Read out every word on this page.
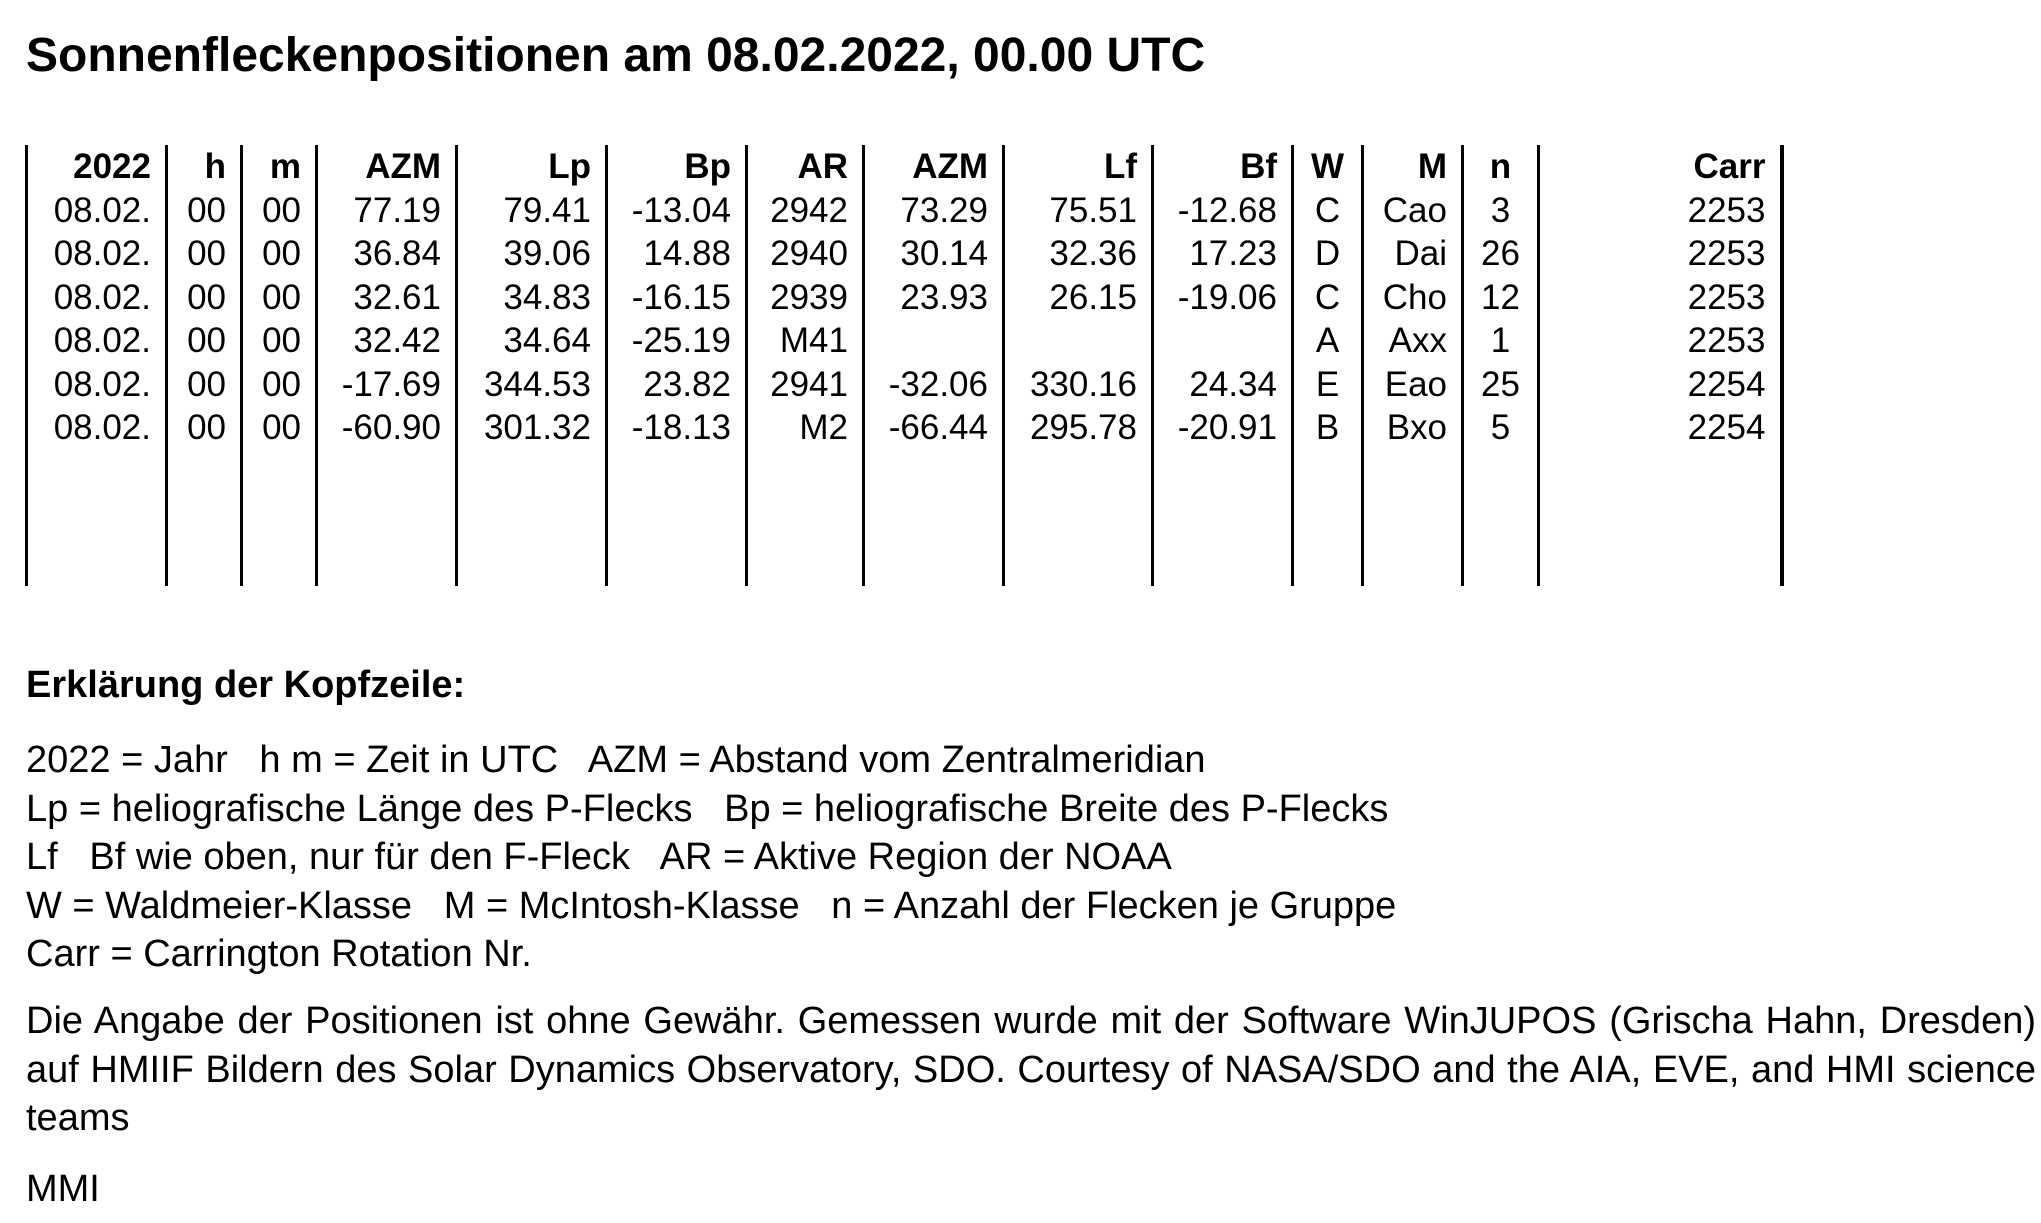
Sonnenfleckenpositionen am 08.02.2022, 00.00 UTC
2022	h	m	AZM	Lp	Bp	AR	AZM	Lf	Bf	W	M	n	Carr
08.02.	00	00	77.19	79.41	-13.04	2942	73.29	75.51	-12.68	C	Cao	3	2253
08.02.	00	00	36.84	39.06	14.88	2940	30.14	32.36	17.23	D	Dai	26	2253
08.02.	00	00	32.61	34.83	-16.15	2939	23.93	26.15	-19.06	C	Cho	12	2253
08.02.	00	00	32.42	34.64	-25.19	M41				A	Axx	1	2253
08.02.	00	00	-17.69	344.53	23.82	2941	-32.06	330.16	24.34	E	Eao	25	2254
08.02.	00	00	-60.90	301.32	-18.13	M2	-66.44	295.78	-20.91	B	Bxo	5	2254

Erklärung der Kopfzeile:
2022 = Jahr   h m = Zeit in UTC   AZM = Abstand vom Zentralmeridian
Lp = heliografische Länge des P-Flecks   Bp = heliografische Breite des P-Flecks
Lf   Bf wie oben, nur für den F-Fleck   AR = Aktive Region der NOAA
W = Waldmeier-Klasse   M = McIntosh-Klasse   n = Anzahl der Flecken je Gruppe
Carr = Carrington Rotation Nr.
Die Angabe der Positionen ist ohne Gewähr. Gemessen wurde mit der Software WinJUPOS (Grischa Hahn, Dresden) auf HMIIF Bildern des Solar Dynamics Observatory, SDO. Courtesy of NASA/SDO and the AIA, EVE, and HMI science teams
MMI
